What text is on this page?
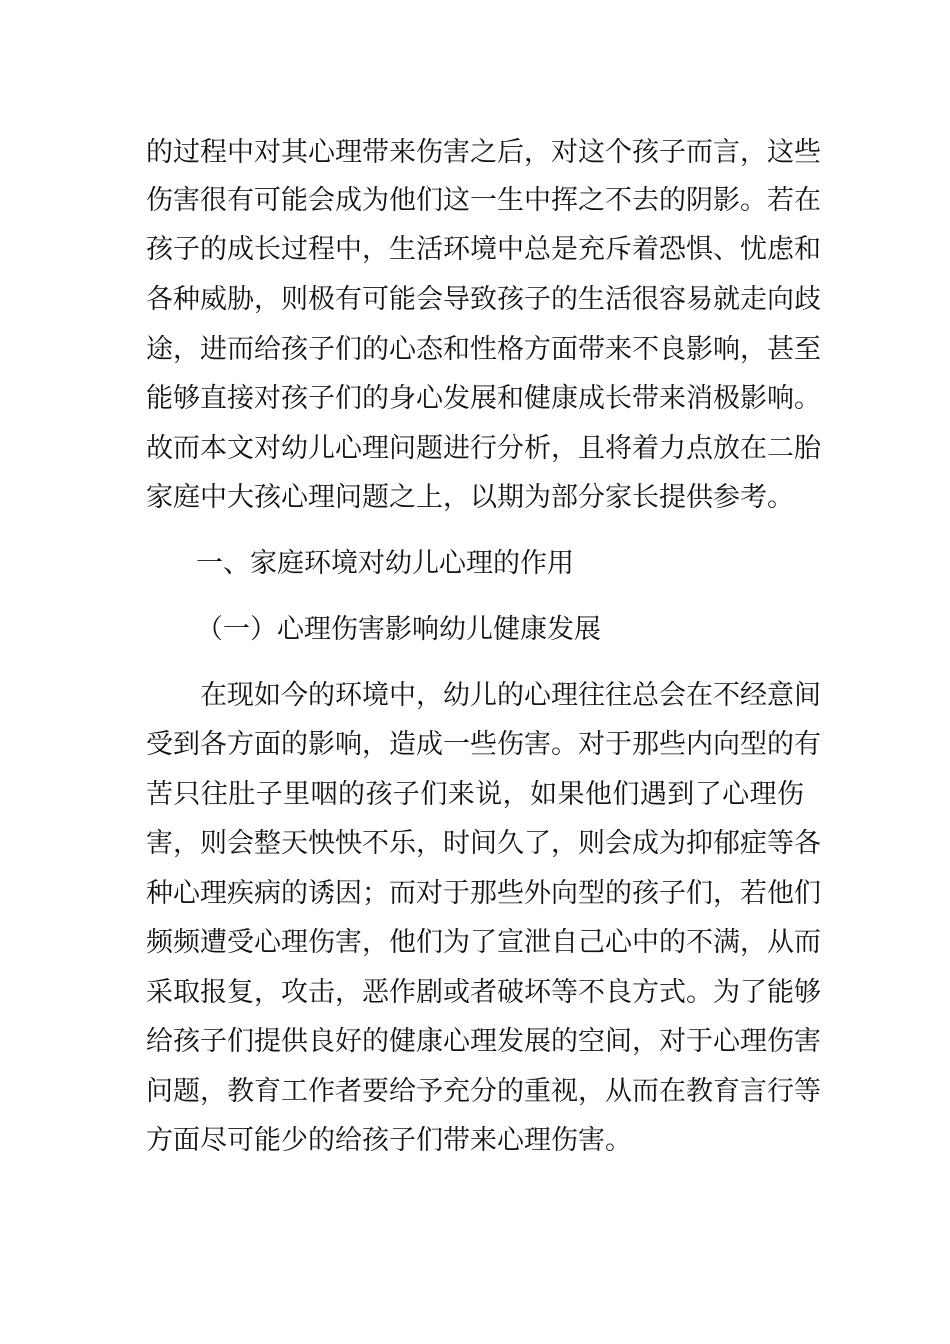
的过程中对其心理带来伤害之后，对这个孩子而言，这些
伤害很有可能会成为他们这一生中挥之不去的阴影。若在
孩子的成长过程中，生活环境中总是充斥着恐惧、忧虑和
各种威胁，则极有可能会导致孩子的生活很容易就走向歧
途，进而给孩子们的心态和性格方面带来不良影响，甚至
能够直接对孩子们的身心发展和健康成长带来消极影响。
故而本文对幼儿心理问题进行分析，且将着力点放在二胎
家庭中大孩心理问题之上，以期为部分家长提供参考。
一、家庭环境对幼儿心理的作用
（一）心理伤害影响幼儿健康发展
在现如今的环境中，幼儿的心理往往总会在不经意间
受到各方面的影响，造成一些伤害。对于那些内向型的有
苦只往肚子里咽的孩子们来说，如果他们遇到了心理伤
害，则会整天怏怏不乐，时间久了，则会成为抑郁症等各
种心理疾病的诱因；而对于那些外向型的孩子们，若他们
频频遭受心理伤害，他们为了宣泄自己心中的不满，从而
采取报复，攻击，恶作剧或者破坏等不良方式。为了能够
给孩子们提供良好的健康心理发展的空间，对于心理伤害
问题，教育工作者要给予充分的重视，从而在教育言行等
方面尽可能少的给孩子们带来心理伤害。
